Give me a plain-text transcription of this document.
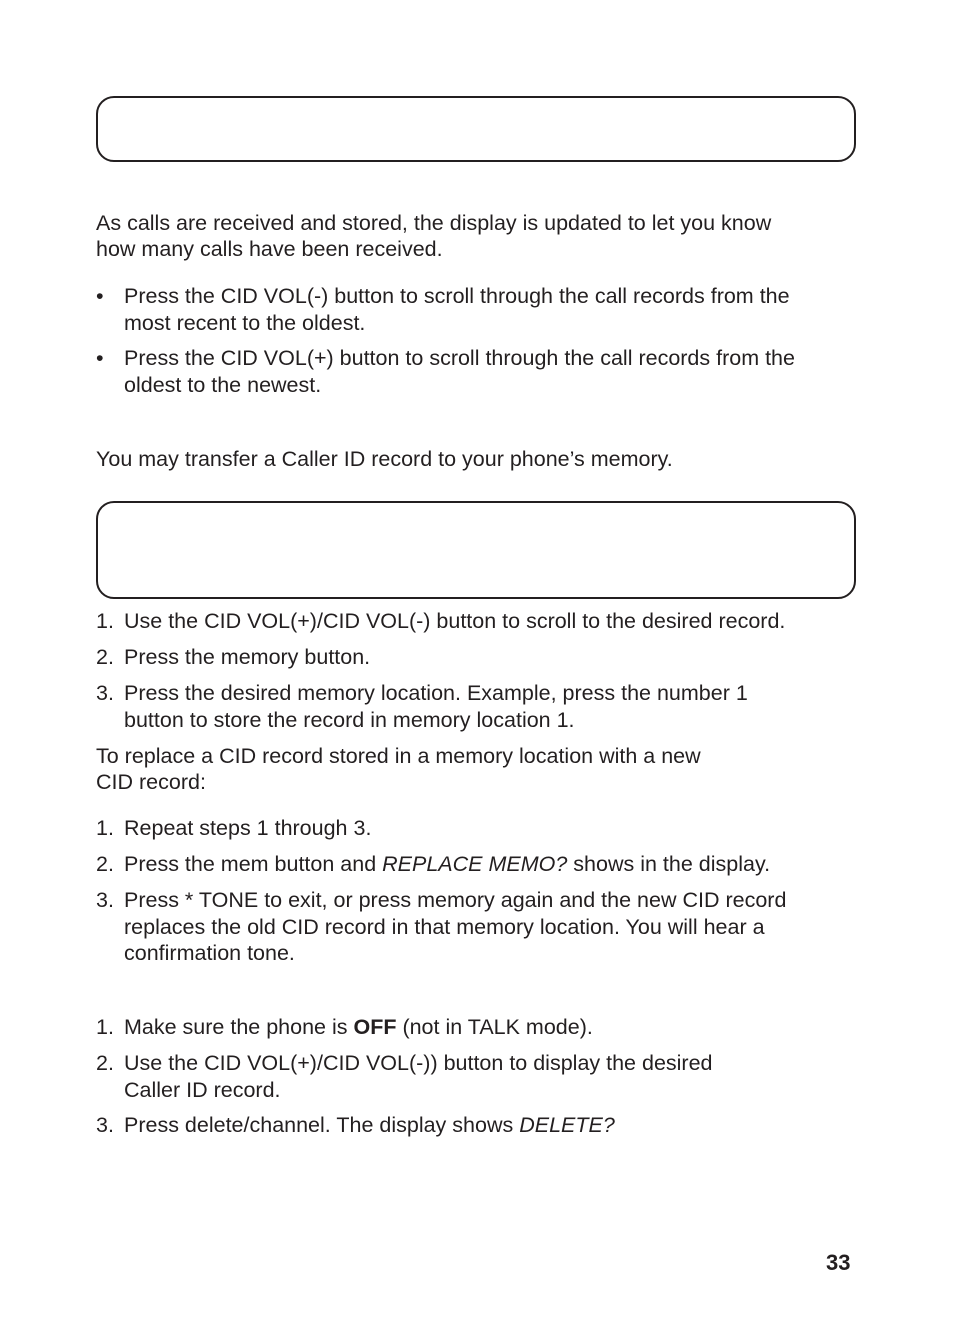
As calls are received and stored, the display is updated to let you know
how many calls have been received.

• Press the CID VOL(-) button to scroll through the call records from the
most recent to the oldest.
• Press the CID VOL(+) button to scroll through the call records from the
oldest to the newest.

You may transfer a Caller ID record to your phone’s memory.

1. Use the CID VOL(+)/CID VOL(-) button to scroll to the desired record.
2. Press the memory button.
3. Press the desired memory location. Example, press the number 1
button to store the record in memory location 1.

To replace a CID record stored in a memory location with a new
CID record:

1. Repeat steps 1 through 3.
2. Press the mem button and REPLACE MEMO? shows in the display.
3. Press * TONE to exit, or press memory again and the new CID record
replaces the old CID record in that memory location. You will hear a
confirmation tone.
1. Make sure the phone is OFF (not in TALK mode).
2. Use the CID VOL(+)/CID VOL(-)) button to display the desired
Caller ID record.
3. Press delete/channel. The display shows DELETE?
33
